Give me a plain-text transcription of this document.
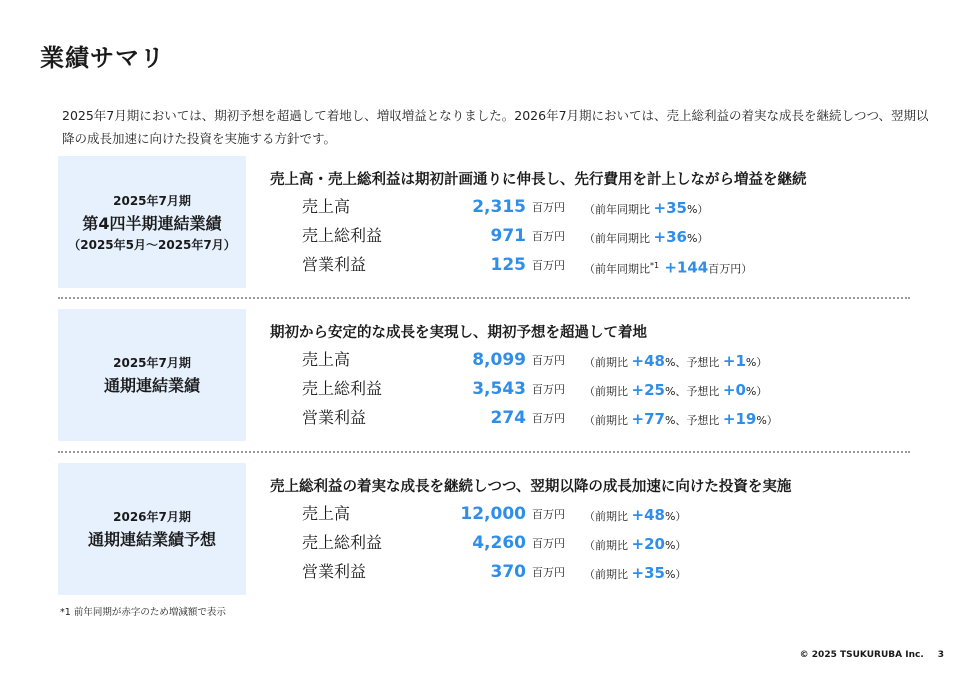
業績サマリ
2025年7月期においては、期初予想を超過して着地し、増収増益となりました。2026年7月期においては、売上総利益の着実な成長を継続しつつ、翌期以降の成長加速に向けた投資を実施する方針です。
2025年7月期
第4四半期連結業績
（2025年5月～2025年7月）
売上高・売上総利益は期初計画通りに伸長し、先行費用を計上しながら増益を継続
売上高	2,315 百万円 （前年同期比 +35%）
売上総利益	971 百万円 （前年同期比 +36%）
営業利益	125 百万円 （前年同期比$^{*1}$ +144百万円）
2025年7月期
通期連結業績
期初から安定的な成長を実現し、期初予想を超過して着地
売上高	8,099 百万円 （前期比 +48%、予想比 +1%）
売上総利益	3,543 百万円 （前期比 +25%、予想比 +0%）
営業利益	274 百万円 （前期比 +77%、予想比 +19%）
2026年7月期
通期連結業績予想
売上総利益の着実な成長を継続しつつ、翌期以降の成長加速に向けた投資を実施
売上高	12,000 百万円 （前期比 +48%）
売上総利益	4,260 百万円 （前期比 +20%）
営業利益	370 百万円 （前期比 +35%）
*1 前年同期が赤字のため増減額で表示
© 2025 TSUKURUBA Inc. 3
